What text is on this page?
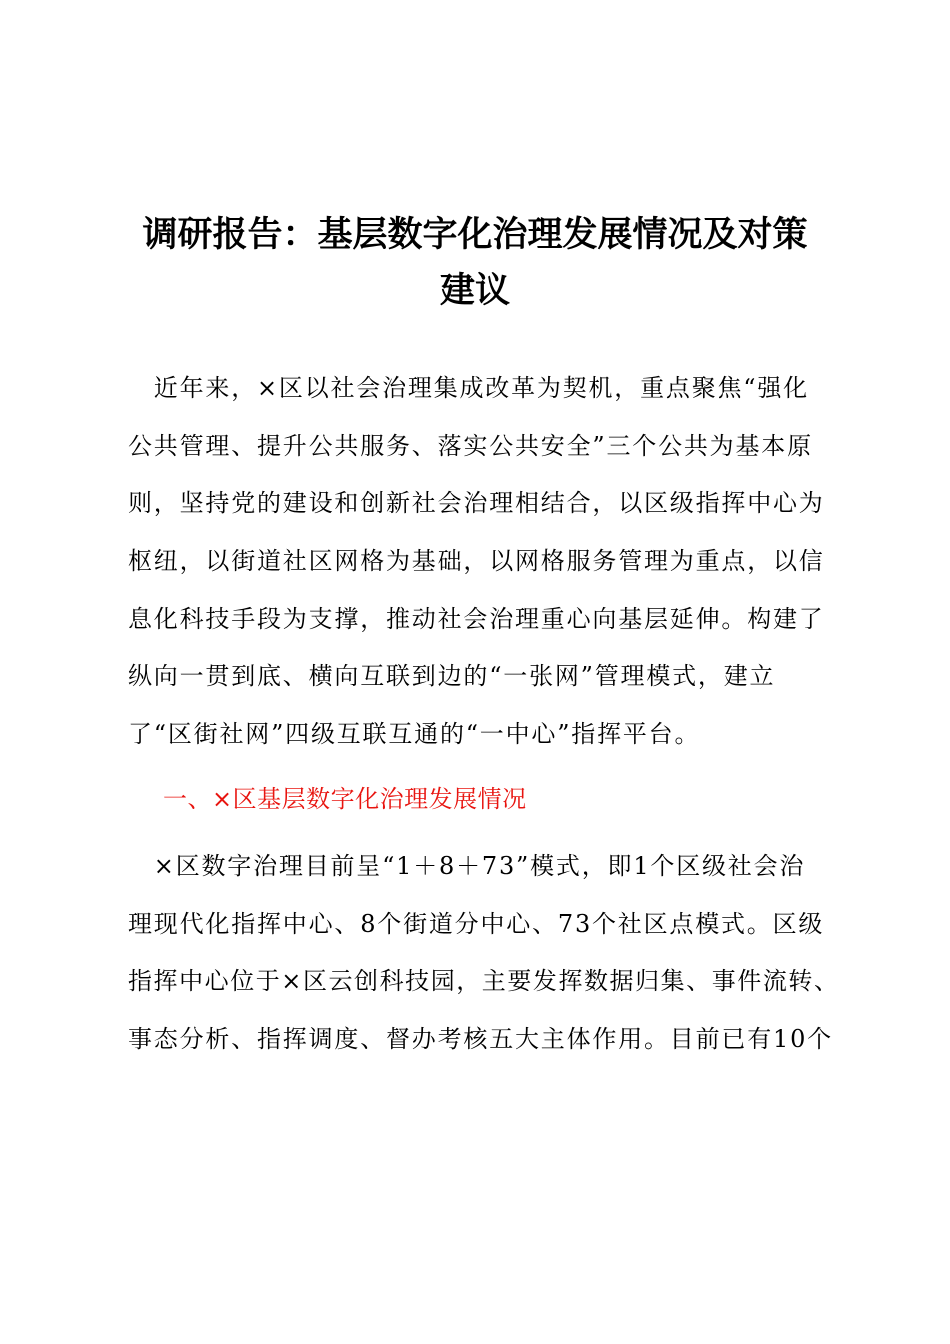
调研报告：基层数字化治理发展情况及对策
建议
　近年来，×区以社会治理集成改革为契机，重点聚焦“强化
公共管理、提升公共服务、落实公共安全”三个公共为基本原
则，坚持党的建设和创新社会治理相结合，以区级指挥中心为
枢纽，以街道社区网格为基础，以网格服务管理为重点，以信
息化科技手段为支撑，推动社会治理重心向基层延伸。构建了
纵向一贯到底、横向互联到边的“一张网”管理模式，建立
了“区街社网”四级互联互通的“一中心”指挥平台。
一、×区基层数字化治理发展情况
　×区数字治理目前呈“1＋8＋73”模式，即1个区级社会治
理现代化指挥中心、8个街道分中心、73个社区点模式。区级
指挥中心位于×区云创科技园，主要发挥数据归集、事件流转、
事态分析、指挥调度、督办考核五大主体作用。目前已有10个
